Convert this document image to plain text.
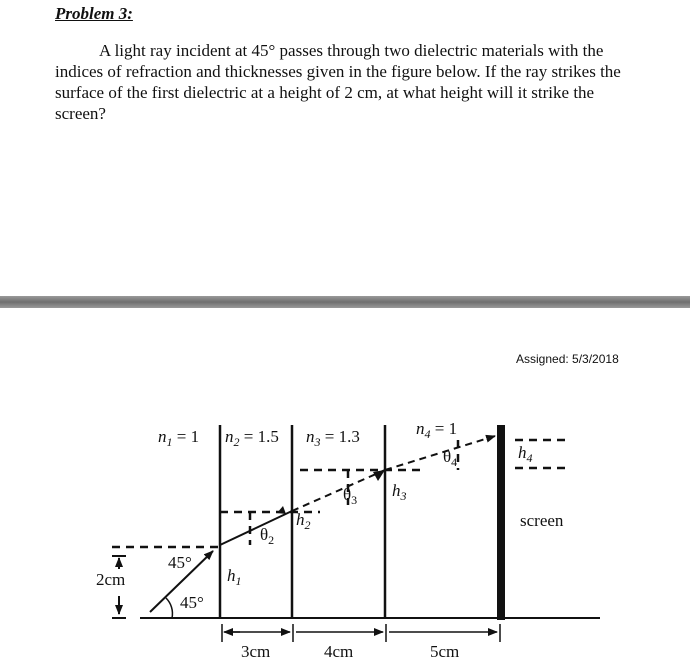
Problem 3:
A light ray incident at 45° passes through two dielectric materials with the indices of refraction and thicknesses given in the figure below. If the ray strikes the surface of the first dielectric at a height of 2 cm, at what height will it strike the screen?
Assigned: 5/3/2018
$n_1 = 1$ $n_2 = 1.5$ $n_3 = 1.3$	$n_4 = 1$
$h_1$
$h_2$
$h_3$
$h_4$
$\theta_2$
$\theta_3$
$\theta_4$
45°
45°
2cm
3cm	4cm	5cm
screen
